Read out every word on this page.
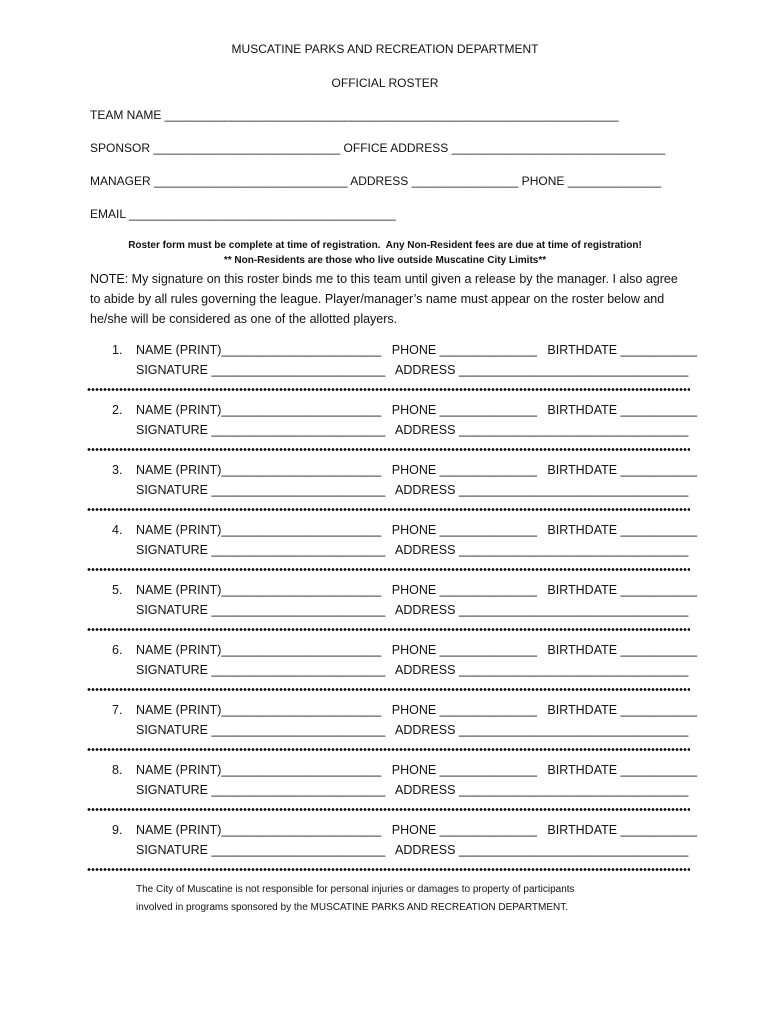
MUSCATINE PARKS AND RECREATION DEPARTMENT
OFFICIAL ROSTER
TEAM NAME ____________________________________________________________________
SPONSOR ____________________________ OFFICE ADDRESS ________________________________
MANAGER _____________________________ ADDRESS ________________ PHONE ______________
EMAIL ________________________________________
Roster form must be complete at time of registration.  Any Non-Resident fees are due at time of registration!
** Non-Residents are those who live outside Muscatine City Limits**
NOTE: My signature on this roster binds me to this team until given a release by the manager. I also agree to abide by all rules governing the league. Player/manager’s name must appear on the roster below and he/she will be considered as one of the allotted players.
1. NAME (PRINT)_______________________   PHONE ______________   BIRTHDATE ___________
SIGNATURE _________________________   ADDRESS _________________________________
2. NAME (PRINT)_______________________   PHONE ______________   BIRTHDATE ___________
SIGNATURE _________________________   ADDRESS _________________________________
3. NAME (PRINT)_______________________   PHONE ______________   BIRTHDATE ___________
SIGNATURE _________________________   ADDRESS _________________________________
4. NAME (PRINT)_______________________   PHONE ______________   BIRTHDATE ___________
SIGNATURE _________________________   ADDRESS _________________________________
5. NAME (PRINT)_______________________   PHONE ______________   BIRTHDATE ___________
SIGNATURE _________________________   ADDRESS _________________________________
6. NAME (PRINT)_______________________   PHONE ______________   BIRTHDATE ___________
SIGNATURE _________________________   ADDRESS _________________________________
7. NAME (PRINT)_______________________   PHONE ______________   BIRTHDATE ___________
SIGNATURE _________________________   ADDRESS _________________________________
8. NAME (PRINT)_______________________   PHONE ______________   BIRTHDATE ___________
SIGNATURE _________________________   ADDRESS _________________________________
9. NAME (PRINT)_______________________   PHONE ______________   BIRTHDATE ___________
SIGNATURE _________________________   ADDRESS _________________________________
The City of Muscatine is not responsible for personal injuries or damages to property of participants
involved in programs sponsored by the MUSCATINE PARKS AND RECREATION DEPARTMENT.
